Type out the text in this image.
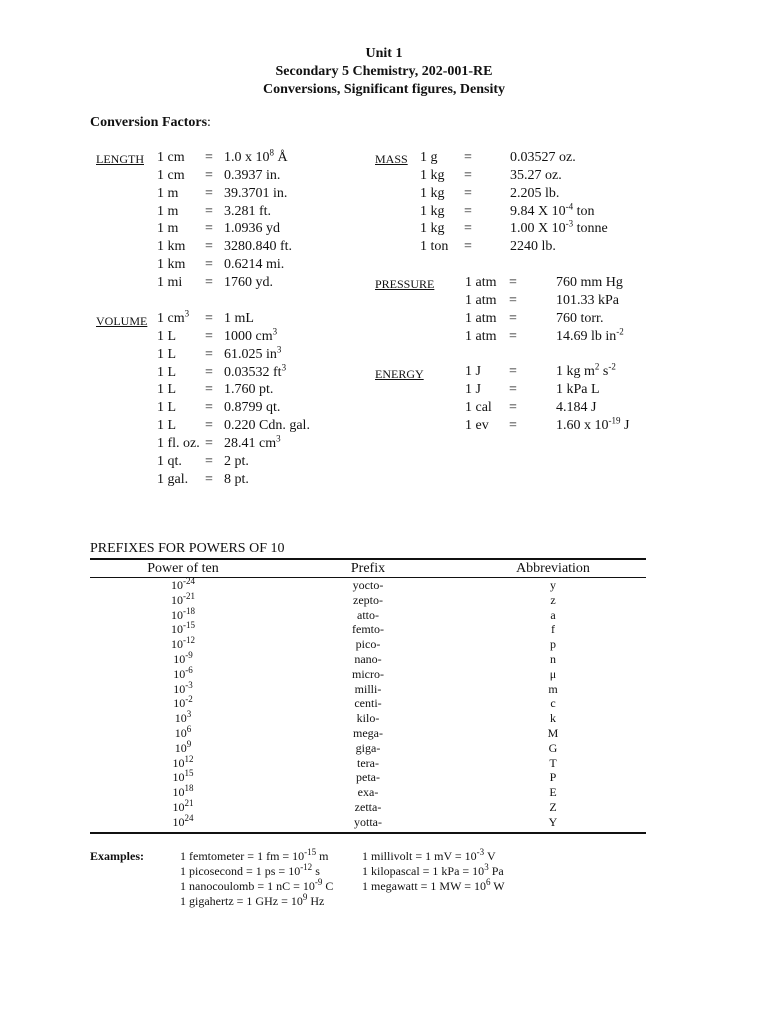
Unit 1
Secondary 5 Chemistry, 202-001-RE
Conversions, Significant figures, Density
Conversion Factors:
LENGTH
VOLUME
MASS
PRESSURE
ENERGY
1 cm = 1.0 x $10^8$ Å
1 cm = 0.3937 in.
1 m = 39.3701 in.
1 m = 3.281 ft.
1 m = 1.0936 yd
1 km = 3280.840 ft.
1 km = 0.6214 mi.
1 mi = 1760 yd.
1 $cm^3 = 1$ mL
1 L = 1000 $cm^3$
1 L = 61.025 $in^3$
1 L = 0.03532 $ft^3$
1 L = 1.760 pt.
1 L = 0.8799 qt.
1 L = 0.220 Cdn. gal.
1 fl. oz. = 28.41 $cm^3$
1 qt. = 2 pt.
1 gal. = 8 pt.
1 g =	0.03527 oz.
1 kg =	35.27 oz.
1 kg =	2.205 lb.
1 kg =	9.84 X $10^{-4}$ ton
1 kg =	1.00 X $10^{-3}$ tonne
1 ton =	2240 lb.
1 atm =	760 mm Hg
1 atm =	101.33 kPa
1 atm =	760 torr.
1 atm =	14.69 lb $in^{-2}$
1 J =	1 kg $m^2$ $s^{-2}$
1 J =	1 kPa L
1 cal =	4.184 J
1 ev =	1.60 x $10^{-19}$ J
PREFIXES FOR POWERS OF 10
Power of ten	Prefix	Abbreviation
$10^{-24}$	yocto-	y
$10^{-21}$	zepto-	z
$10^{-18}$	atto-	a
$10^{-15}$	femto-	f
$10^{-12}$	pico-	p
$10^{-9}$	nano-	n
$10^{-6}$	micro-	μ
$10^{-3}$	milli-	m
$10^{-2}$	centi-	c
$10^3$	kilo-	k
$10^6$	mega-	M
$10^9$	giga-	G
$10^{12}$	tera-	T
$10^{15}$	peta-	P
$10^{18}$	exa-	E
$10^{21}$	zetta-	Z
$10^{24}$	yotta-	Y
Examples:	1 femtometer = 1 fm = $10^{-15}$ m
1 picosecond = 1 ps = $10^{-12}$ s
1 nanocoulomb = 1 nC = $10^{-9}$ C
1 gigahertz = 1 GHz = $10^9$ Hz
1 millivolt = 1 mV = $10^{-3}$ V
1 kilopascal = 1 kPa = $10^3$ Pa
1 megawatt = 1 MW = $10^6$ W
